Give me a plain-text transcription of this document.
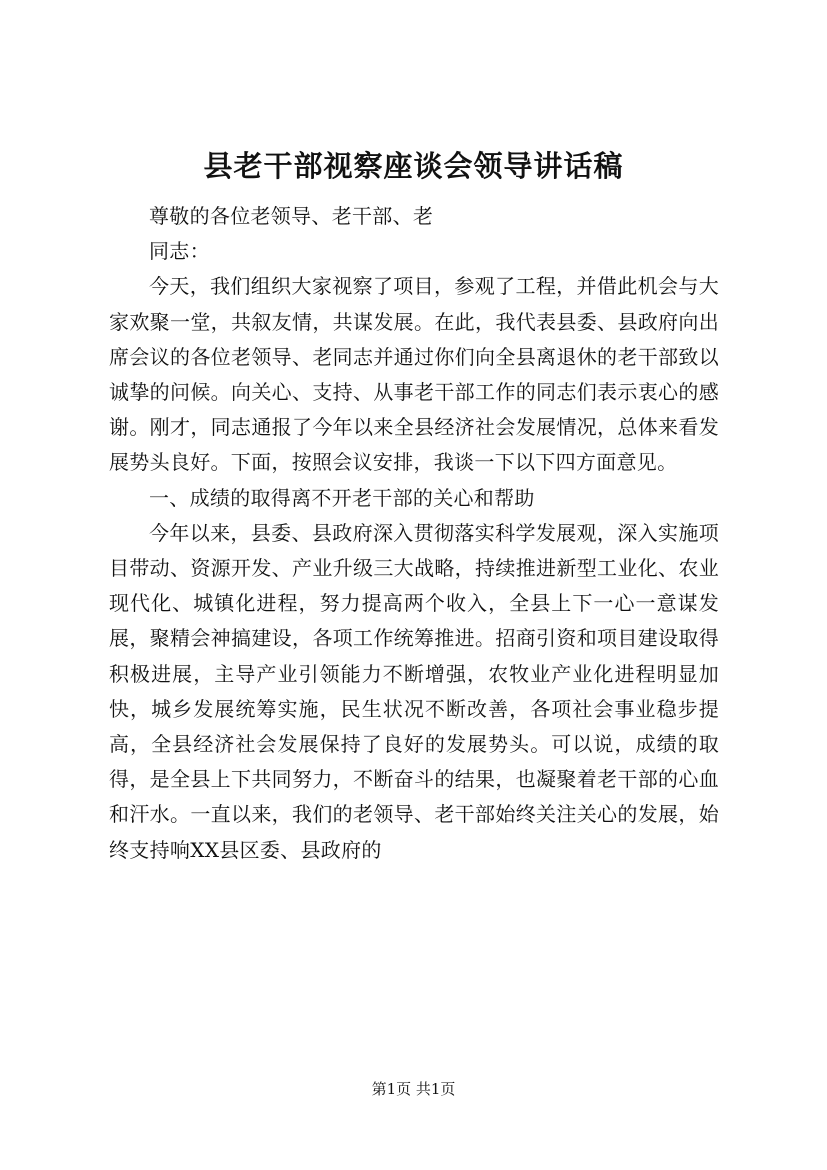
县老干部视察座谈会领导讲话稿

尊敬的各位老领导、老干部、老

同志：

今天，我们组织大家视察了项目，参观了工程，并借此机会与大家欢聚一堂，共叙友情，共谋发展。在此，我代表县委、县政府向出席会议的各位老领导、老同志并通过你们向全县离退休的老干部致以诚挚的问候。向关心、支持、从事老干部工作的同志们表示衷心的感谢。刚才，同志通报了今年以来全县经济社会发展情况，总体来看发展势头良好。下面，按照会议安排，我谈一下以下四方面意见。

一、成绩的取得离不开老干部的关心和帮助

今年以来，县委、县政府深入贯彻落实科学发展观，深入实施项目带动、资源开发、产业升级三大战略，持续推进新型工业化、农业现代化、城镇化进程，努力提高两个收入，全县上下一心一意谋发展，聚精会神搞建设，各项工作统筹推进。招商引资和项目建设取得积极进展，主导产业引领能力不断增强，农牧业产业化进程明显加快，城乡发展统筹实施，民生状况不断改善，各项社会事业稳步提高，全县经济社会发展保持了良好的发展势头。可以说，成绩的取得，是全县上下共同努力，不断奋斗的结果，也凝聚着老干部的心血和汗水。一直以来，我们的老领导、老干部始终关注关心的发展，始终支持响XX县区委、县政府的

第1页 共1页
